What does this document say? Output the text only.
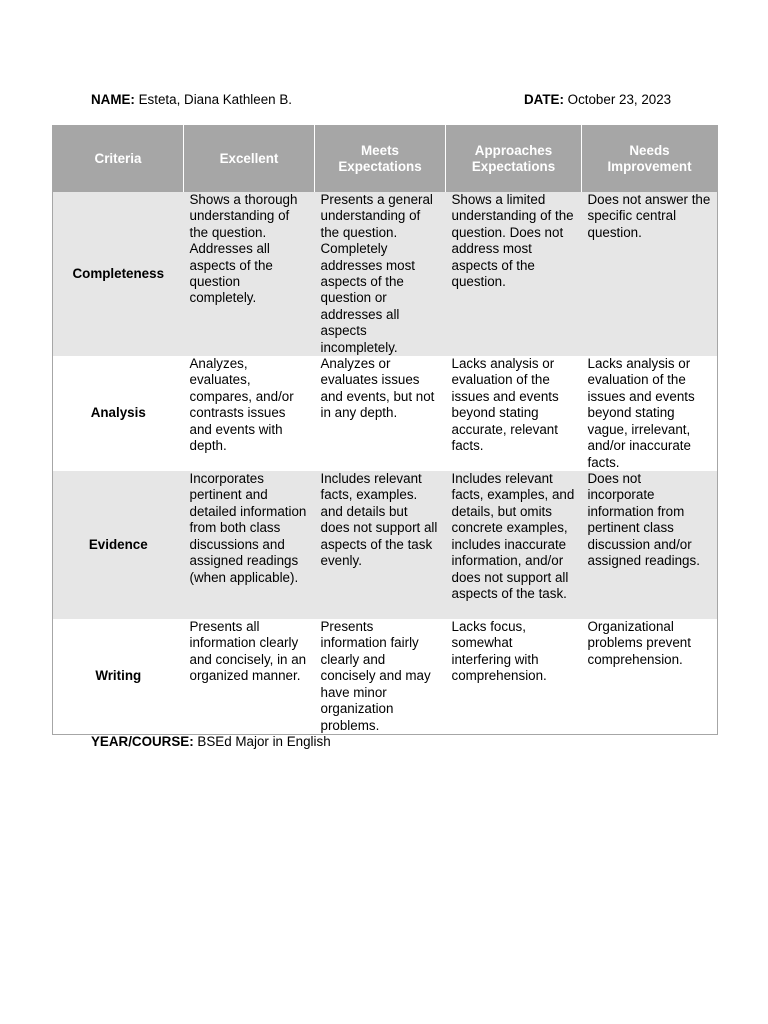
NAME: Esteta, Diana Kathleen B.	DATE: October 23, 2023
Criteria	Excellent	Meets Expectations	Approaches Expectations	Needs Improvement
Completeness	Shows a thorough understanding of the question. Addresses all aspects of the question completely.	Presents a general understanding of the question. Completely addresses most aspects of the question or addresses all aspects incompletely.	Shows a limited understanding of the question. Does not address most aspects of the question.	Does not answer the specific central question.
Analysis	Analyzes, evaluates, compares, and/or contrasts issues and events with depth.	Analyzes or evaluates issues and events, but not in any depth.	Lacks analysis or evaluation of the issues and events beyond stating accurate, relevant facts.	Lacks analysis or evaluation of the issues and events beyond stating vague, irrelevant, and/or inaccurate facts.
Evidence	Incorporates pertinent and detailed information from both class discussions and assigned readings (when applicable).	Includes relevant facts, examples. and details but does not support all aspects of the task evenly.	Includes relevant facts, examples, and details, but omits concrete examples, includes inaccurate information, and/or does not support all aspects of the task.	Does not incorporate information from pertinent class discussion and/or assigned readings.
Writing	Presents all information clearly and concisely, in an organized manner.	Presents information fairly clearly and concisely and may have minor organization problems.	Lacks focus, somewhat interfering with comprehension.	Organizational problems prevent comprehension.
YEAR/COURSE: BSEd Major in English
